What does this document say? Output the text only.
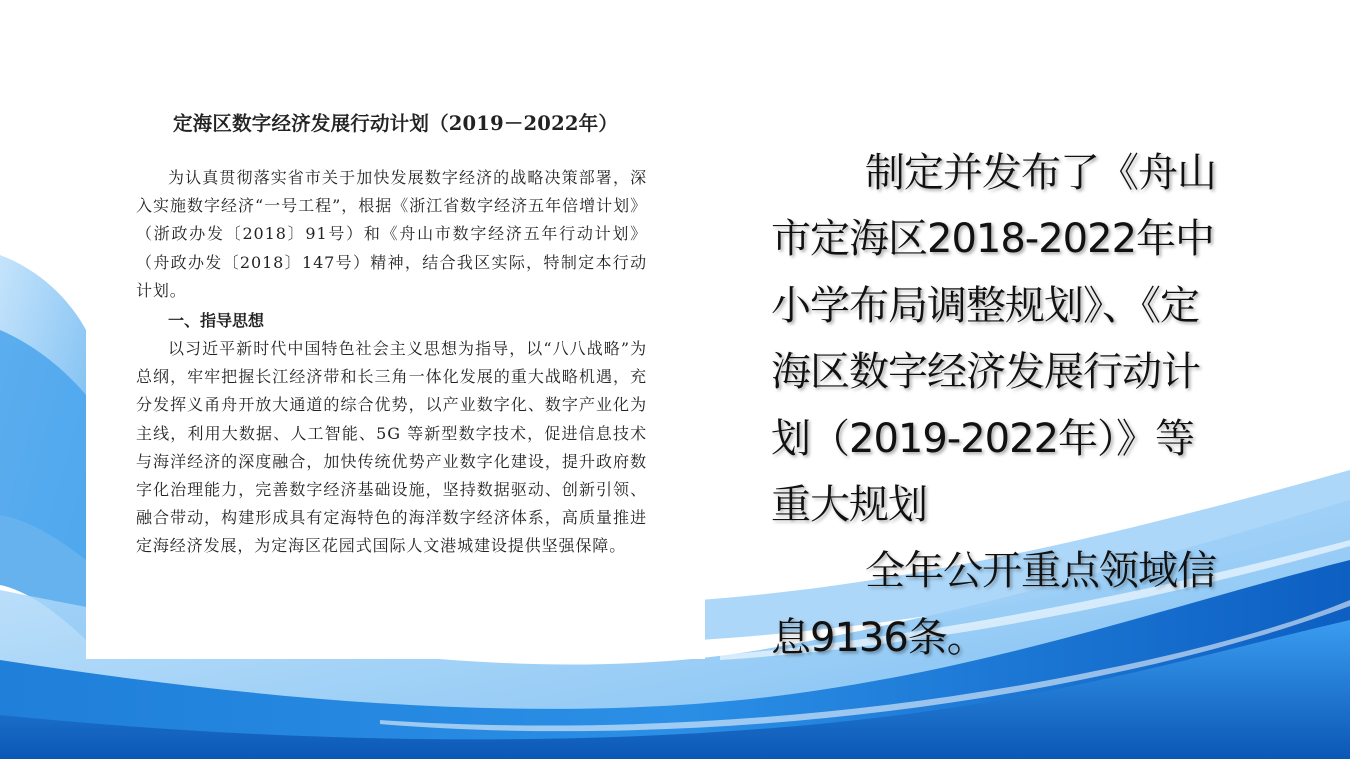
定海区数字经济发展行动计划（2019－2022年）

为认真贯彻落实省市关于加快发展数字经济的战略决策部署，深入实施数字经济“一号工程”，根据《浙江省数字经济五年倍增计划》（浙政办发〔2018〕91号）和《舟山市数字经济五年行动计划》（舟政办发〔2018〕147号）精神，结合我区实际，特制定本行动计划。

一、指导思想

以习近平新时代中国特色社会主义思想为指导，以“八八战略”为总纲，牢牢把握长江经济带和长三角一体化发展的重大战略机遇，充分发挥义甬舟开放大通道的综合优势，以产业数字化、数字产业化为主线，利用大数据、人工智能、5G 等新型数字技术，促进信息技术与海洋经济的深度融合，加快传统优势产业数字化建设，提升政府数字化治理能力，完善数字经济基础设施，坚持数据驱动、创新引领、融合带动，构建形成具有定海特色的海洋数字经济体系，高质量推进定海经济发展，为定海区花园式国际人文港城建设提供坚强保障。

制定并发布了《舟山市定海区2018-2022年中小学布局调整规划》、《定海区数字经济发展行动计划（2019-2022年）》等重大规划
全年公开重点领域信息9136条。
